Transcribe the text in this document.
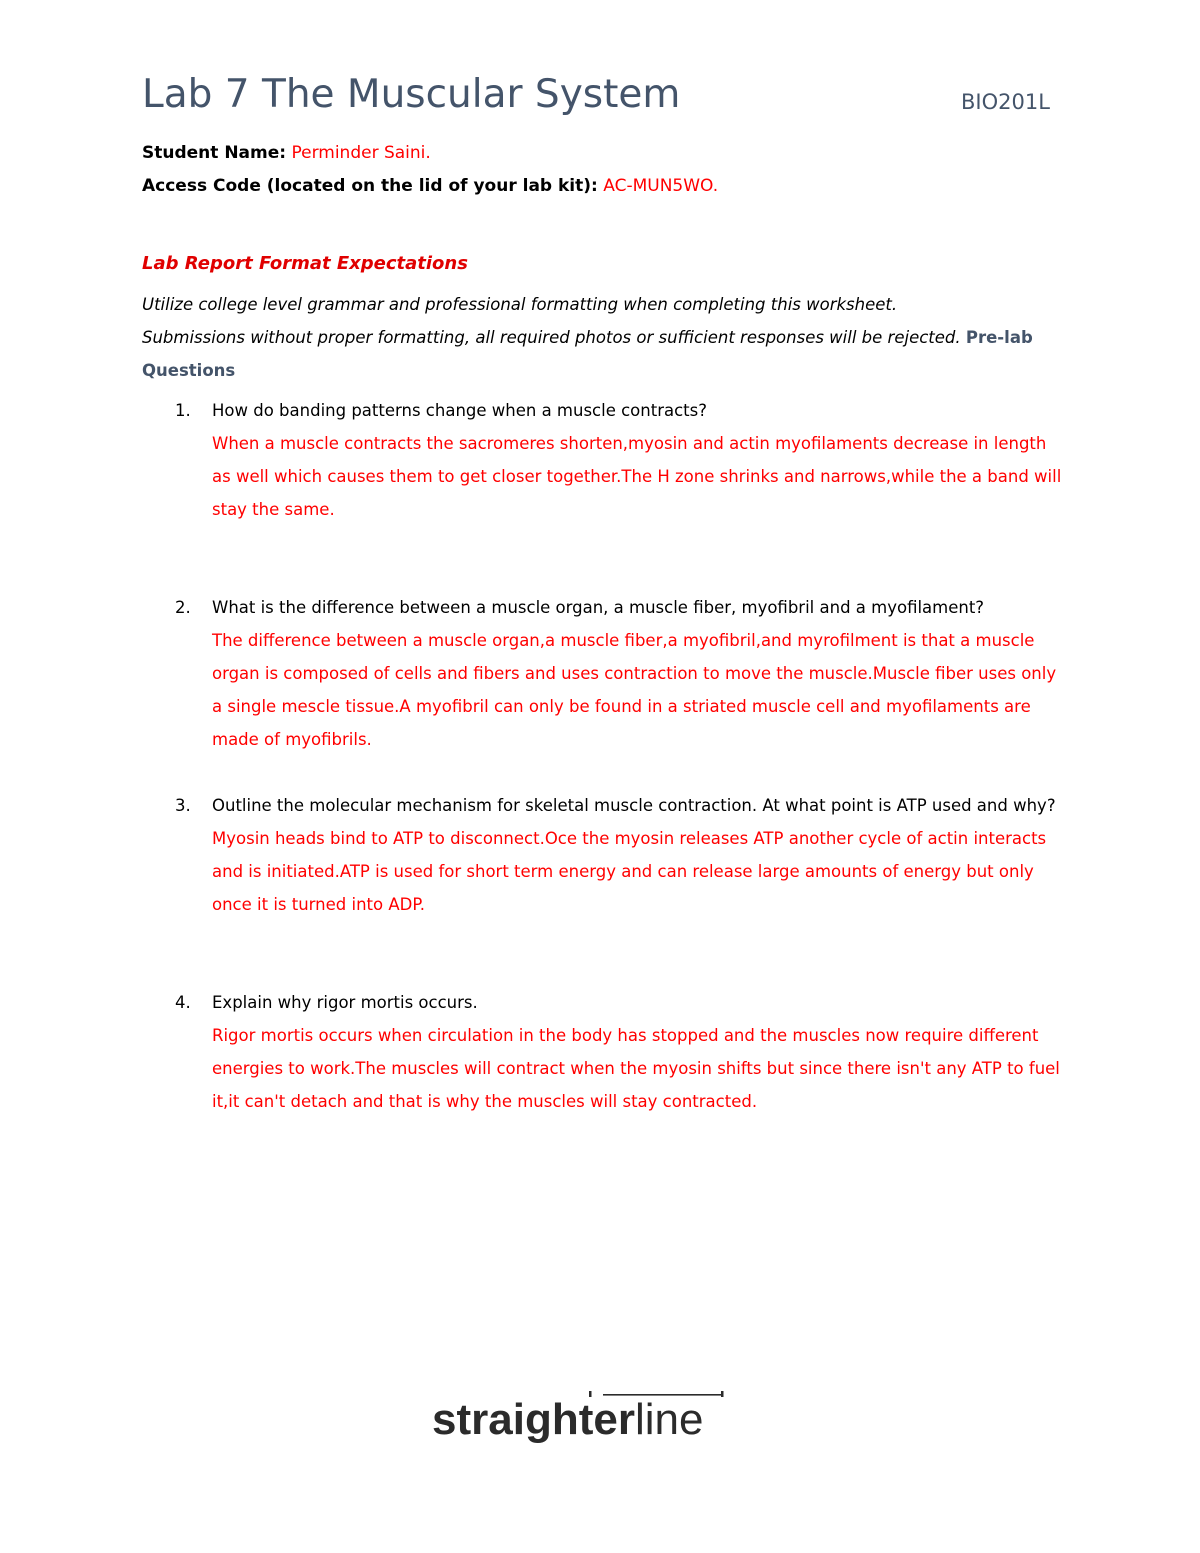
Lab 7 The Muscular System	BIO201L
Student Name: Perminder Saini.
Access Code (located on the lid of your lab kit): AC-MUN5WO.
Lab Report Format Expectations
Utilize college level grammar and professional formatting when completing this worksheet.
Submissions without proper formatting, all required photos or sufficient responses will be rejected. Pre-lab Questions
1. How do banding patterns change when a muscle contracts?
When a muscle contracts the sacromeres shorten,myosin and actin myofilaments decrease in length as well which causes them to get closer together.The H zone shrinks and narrows,while the a band will stay the same.
2. What is the difference between a muscle organ, a muscle fiber, myofibril and a myofilament?
The difference between a muscle organ,a muscle fiber,a myofibril,and myrofilment is that a muscle organ is composed of cells and fibers and uses contraction to move the muscle.Muscle fiber uses only a single mescle tissue.A myofibril can only be found in a striated muscle cell and myofilaments are made of myofibrils.
3. Outline the molecular mechanism for skeletal muscle contraction. At what point is ATP used and why?
Myosin heads bind to ATP to disconnect.Oce the myosin releases ATP another cycle of actin interacts and is initiated.ATP is used for short term energy and can release large amounts of energy but only once it is turned into ADP.
4. Explain why rigor mortis occurs.
Rigor mortis occurs when circulation in the body has stopped and the muscles now require different energies to work.The muscles will contract when the myosin shifts but since there isn't any ATP to fuel it,it can't detach and that is why the muscles will stay contracted.
straighterline
